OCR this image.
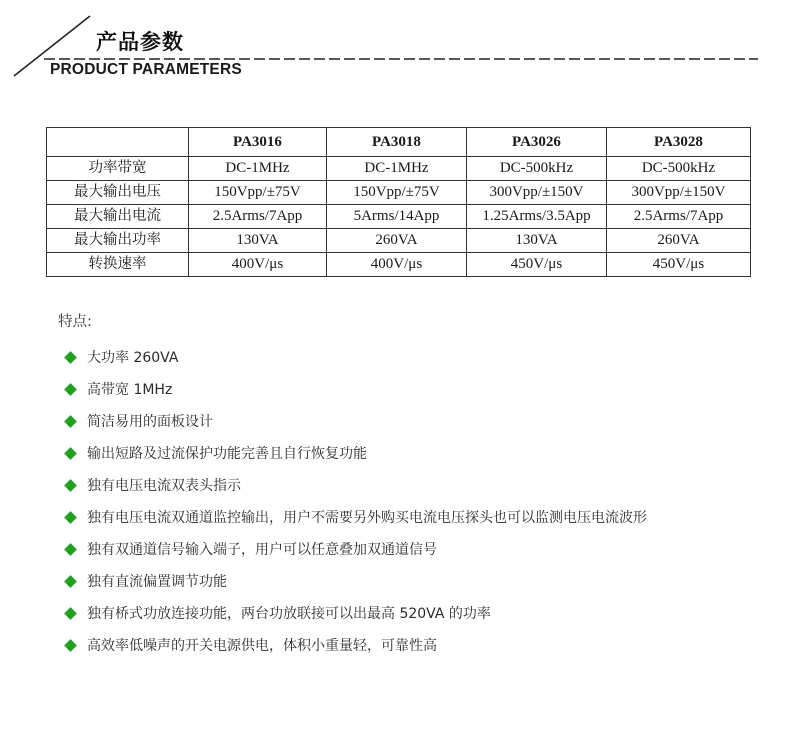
产品参数
PRODUCT PARAMETERS
	PA3016	PA3018	PA3026	PA3028
功率带宽	DC-1MHz	DC-1MHz	DC-500kHz	DC-500kHz
最大输出电压	150Vpp/±75V	150Vpp/±75V	300Vpp/±150V	300Vpp/±150V
最大输出电流	2.5Arms/7App	5Arms/14App	1.25Arms/3.5App	2.5Arms/7App
最大输出功率	130VA	260VA	130VA	260VA
转换速率	400V/μs	400V/μs	450V/μs	450V/μs
特点:
大功率 260VA
高带宽 1MHz
简洁易用的面板设计
输出短路及过流保护功能完善且自行恢复功能
独有电压电流双表头指示
独有电压电流双通道监控输出，用户不需要另外购买电流电压探头也可以监测电压电流波形
独有双通道信号输入端子，用户可以任意叠加双通道信号
独有直流偏置调节功能
独有桥式功放连接功能，两台功放联接可以出最高 520VA 的功率
高效率低噪声的开关电源供电，体积小重量轻，可靠性高
